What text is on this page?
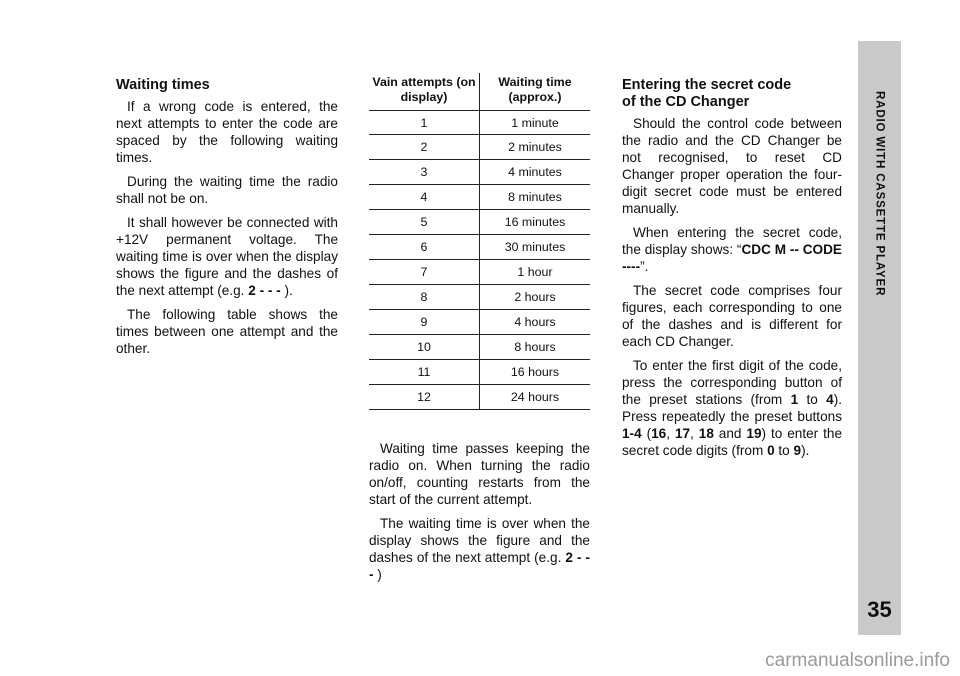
Waiting times

If a wrong code is entered, the next attempts to enter the code are spaced by the following waiting times.

During the waiting time the radio shall not be on.

It shall however be connected with +12V permanent voltage. The waiting time is over when the display shows the figure and the dashes of the next attempt (e.g. 2 - - - ).

The following table shows the times between one attempt and the other.

Vain attempts (on display)	Waiting time (approx.)
1	1 minute
2	2 minutes
3	4 minutes
4	8 minutes
5	16 minutes
6	30 minutes
7	1 hour
8	2 hours
9	4 hours
10	8 hours
11	16 hours
12	24 hours

Waiting time passes keeping the radio on. When turning the radio on/off, counting restarts from the start of the current attempt.

The waiting time is over when the display shows the figure and the dashes of the next attempt (e.g. 2 - - - )

Entering the secret code
of the CD Changer

Should the control code between the radio and the CD Changer be not recognised, to reset CD Changer proper operation the four-digit secret code must be entered manually.

When entering the secret code, the display shows: “CDC M -- CODE ----”.

The secret code comprises four figures, each corresponding to one of the dashes and is different for each CD Changer.

To enter the first digit of the code, press the corresponding button of the preset stations (from 1 to 4). Press repeatedly the preset buttons 1-4 (16, 17, 18 and 19) to enter the secret code digits (from 0 to 9).

RADIO WITH CASSETTE PLAYER
35
carmanualsonline.info
